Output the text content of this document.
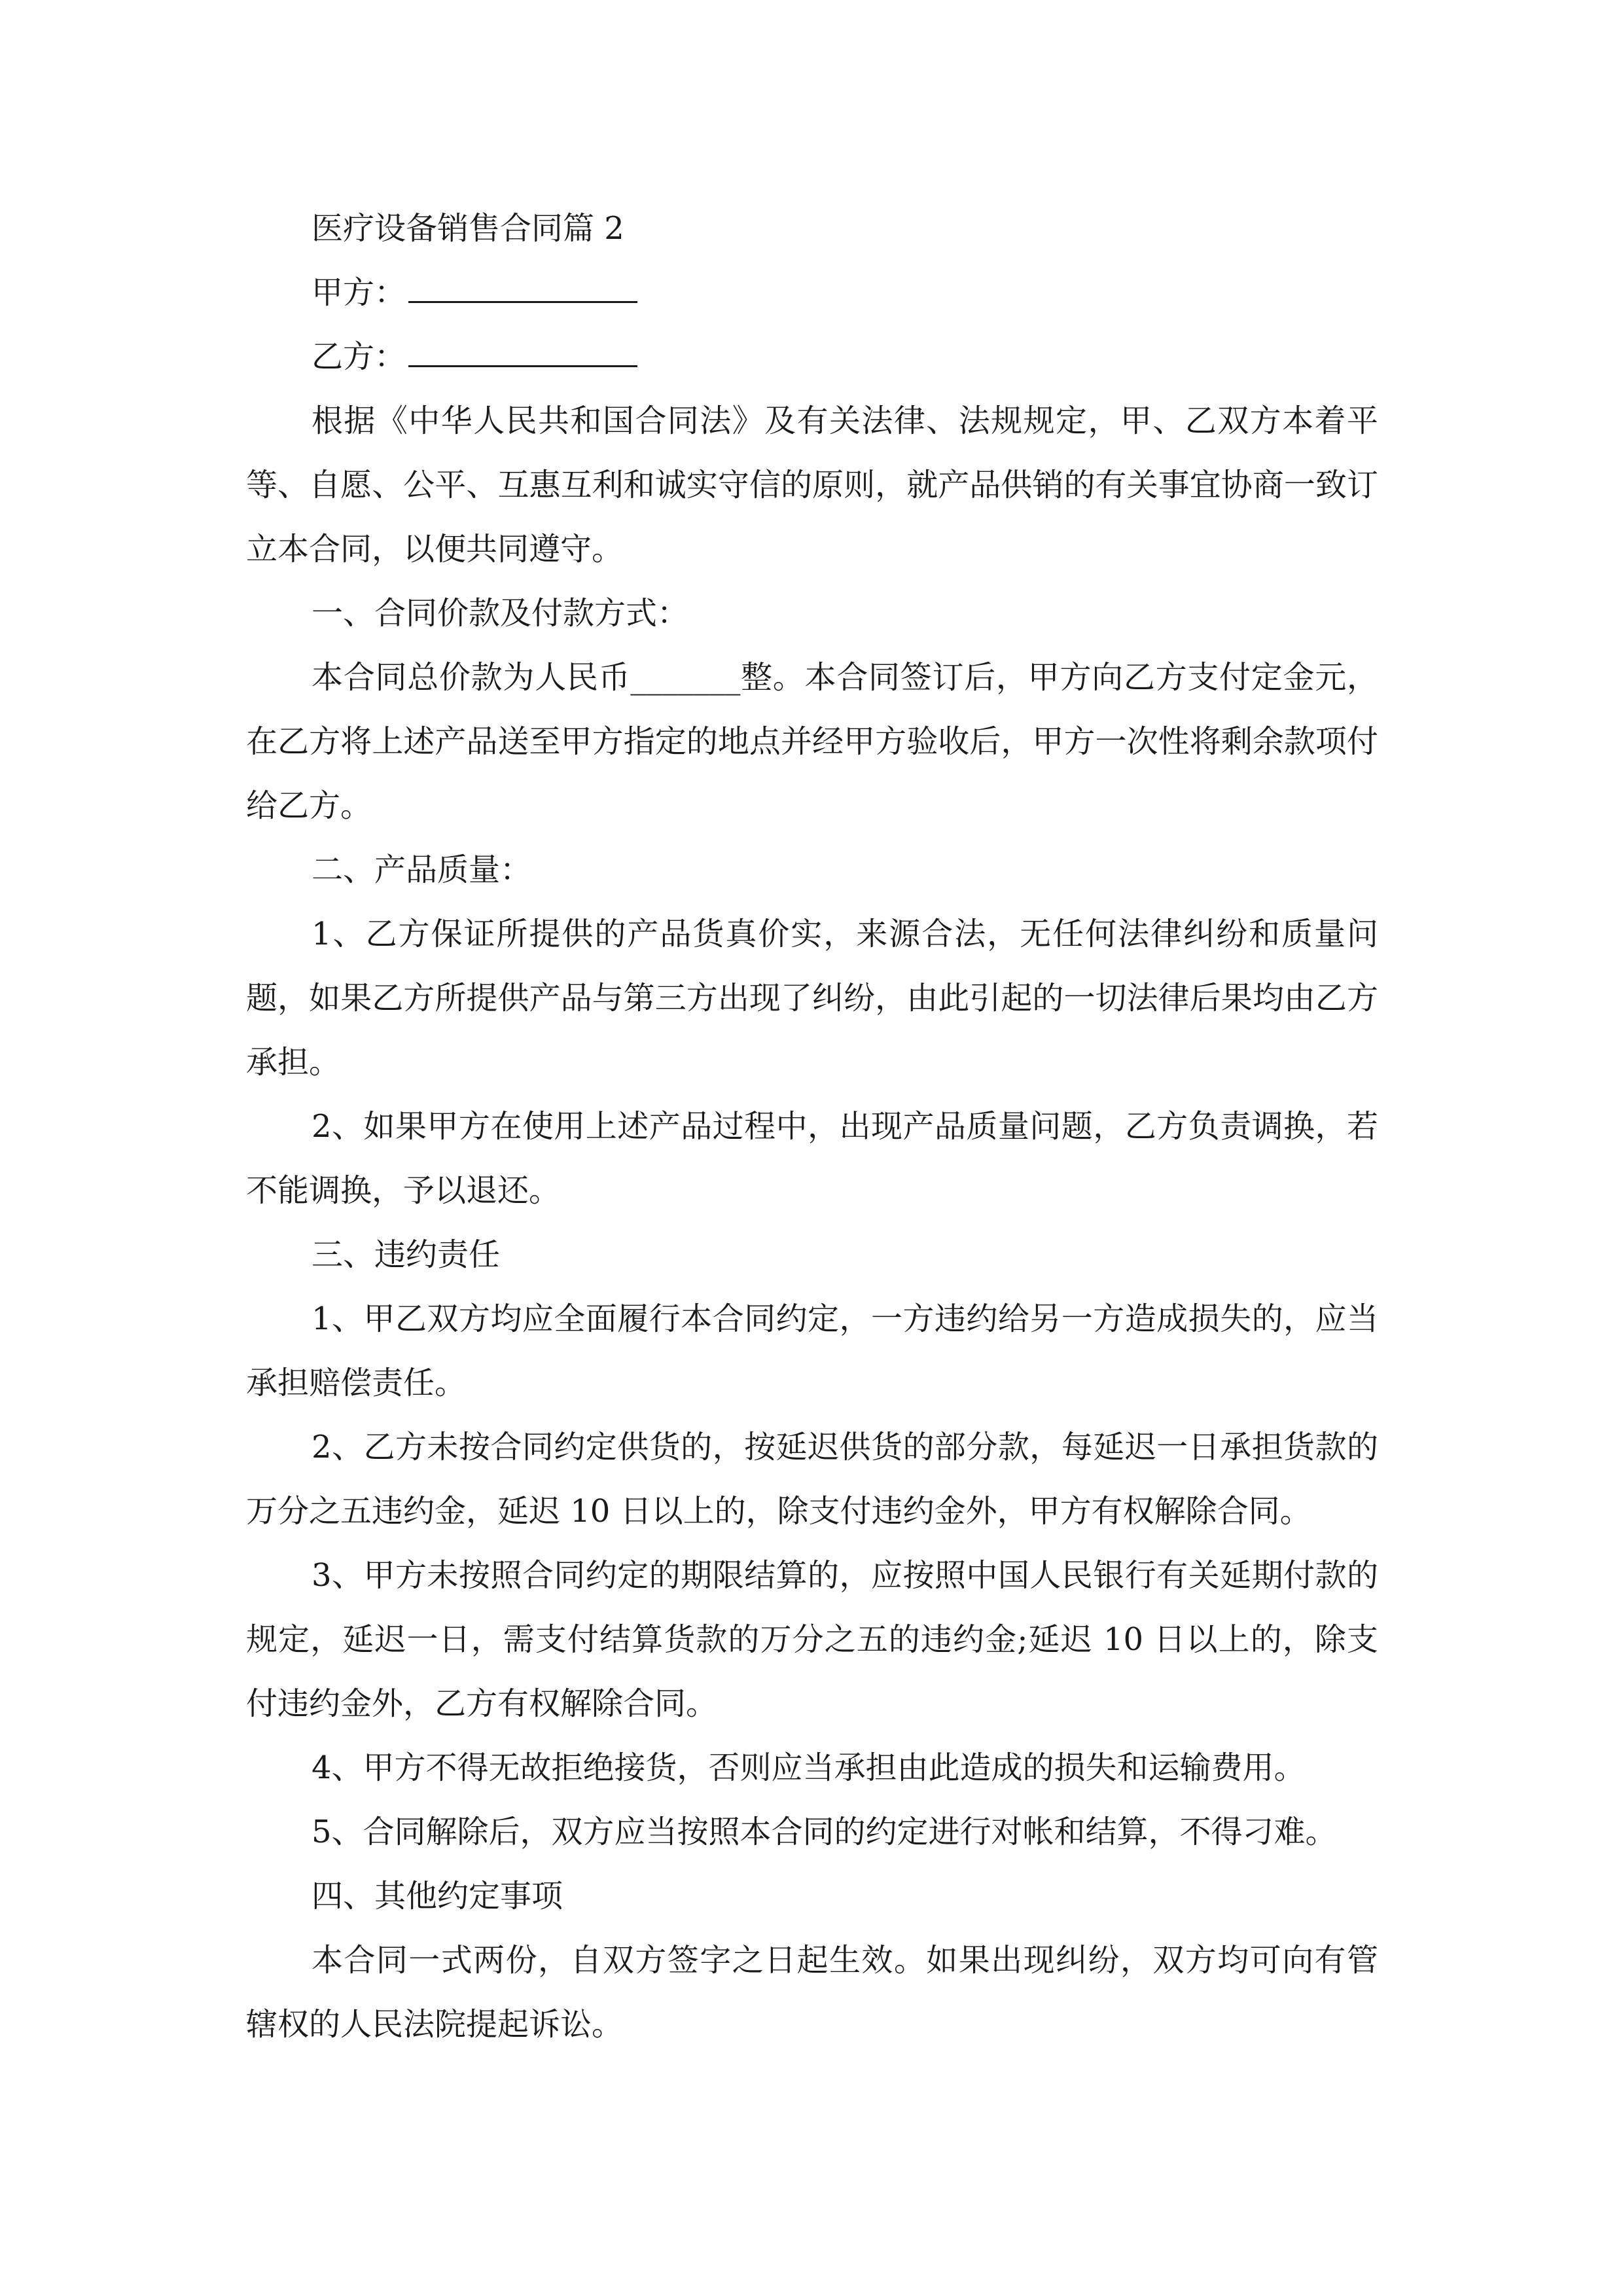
医疗设备销售合同篇 2

甲方：

乙方：

根据《中华人民共和国合同法》及有关法律、法规规定，甲、乙双方本着平等、自愿、公平、互惠互利和诚实守信的原则，就产品供销的有关事宜协商一致订立本合同，以便共同遵守。

一、合同价款及付款方式：

本合同总价款为人民币_______整。本合同签订后，甲方向乙方支付定金元，在乙方将上述产品送至甲方指定的地点并经甲方验收后，甲方一次性将剩余款项付给乙方。

二、产品质量：

1、乙方保证所提供的产品货真价实，来源合法，无任何法律纠纷和质量问题，如果乙方所提供产品与第三方出现了纠纷，由此引起的一切法律后果均由乙方承担。

2、如果甲方在使用上述产品过程中，出现产品质量问题，乙方负责调换，若不能调换，予以退还。

三、违约责任

1、甲乙双方均应全面履行本合同约定，一方违约给另一方造成损失的，应当承担赔偿责任。

2、乙方未按合同约定供货的，按延迟供货的部分款，每延迟一日承担货款的万分之五违约金，延迟 10 日以上的，除支付违约金外，甲方有权解除合同。

3、甲方未按照合同约定的期限结算的，应按照中国人民银行有关延期付款的规定，延迟一日，需支付结算货款的万分之五的违约金;延迟 10 日以上的，除支付违约金外，乙方有权解除合同。

4、甲方不得无故拒绝接货，否则应当承担由此造成的损失和运输费用。

5、合同解除后，双方应当按照本合同的约定进行对帐和结算，不得刁难。

四、其他约定事项

本合同一式两份，自双方签字之日起生效。如果出现纠纷，双方均可向有管辖权的人民法院提起诉讼。
